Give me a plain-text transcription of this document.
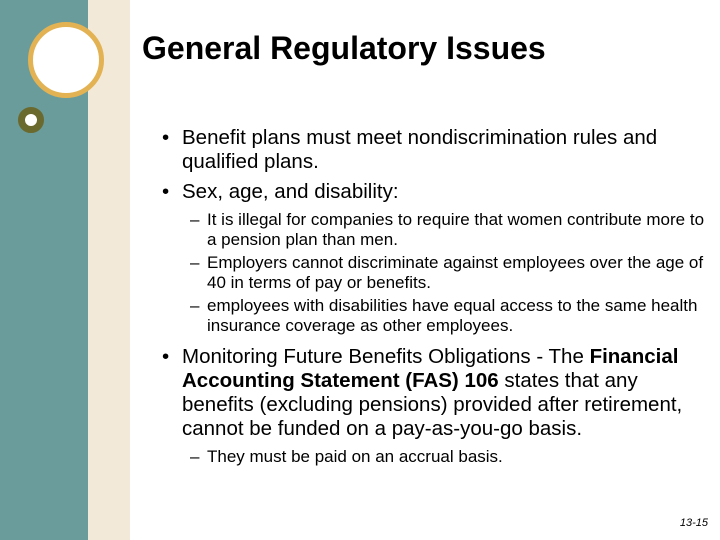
General Regulatory Issues
• Benefit plans must meet nondiscrimination rules and qualified plans.
• Sex, age, and disability:
– It is illegal for companies to require that women contribute more to a pension plan than men.
– Employers cannot discriminate against employees over the age of 40 in terms of pay or benefits.
– employees with disabilities have equal access to the same health insurance coverage as other employees.
• Monitoring Future Benefits Obligations - The Financial Accounting Statement (FAS) 106 states that any benefits (excluding pensions) provided after retirement, cannot be funded on a pay-as-you-go basis.
– They must be paid on an accrual basis.
13-15
